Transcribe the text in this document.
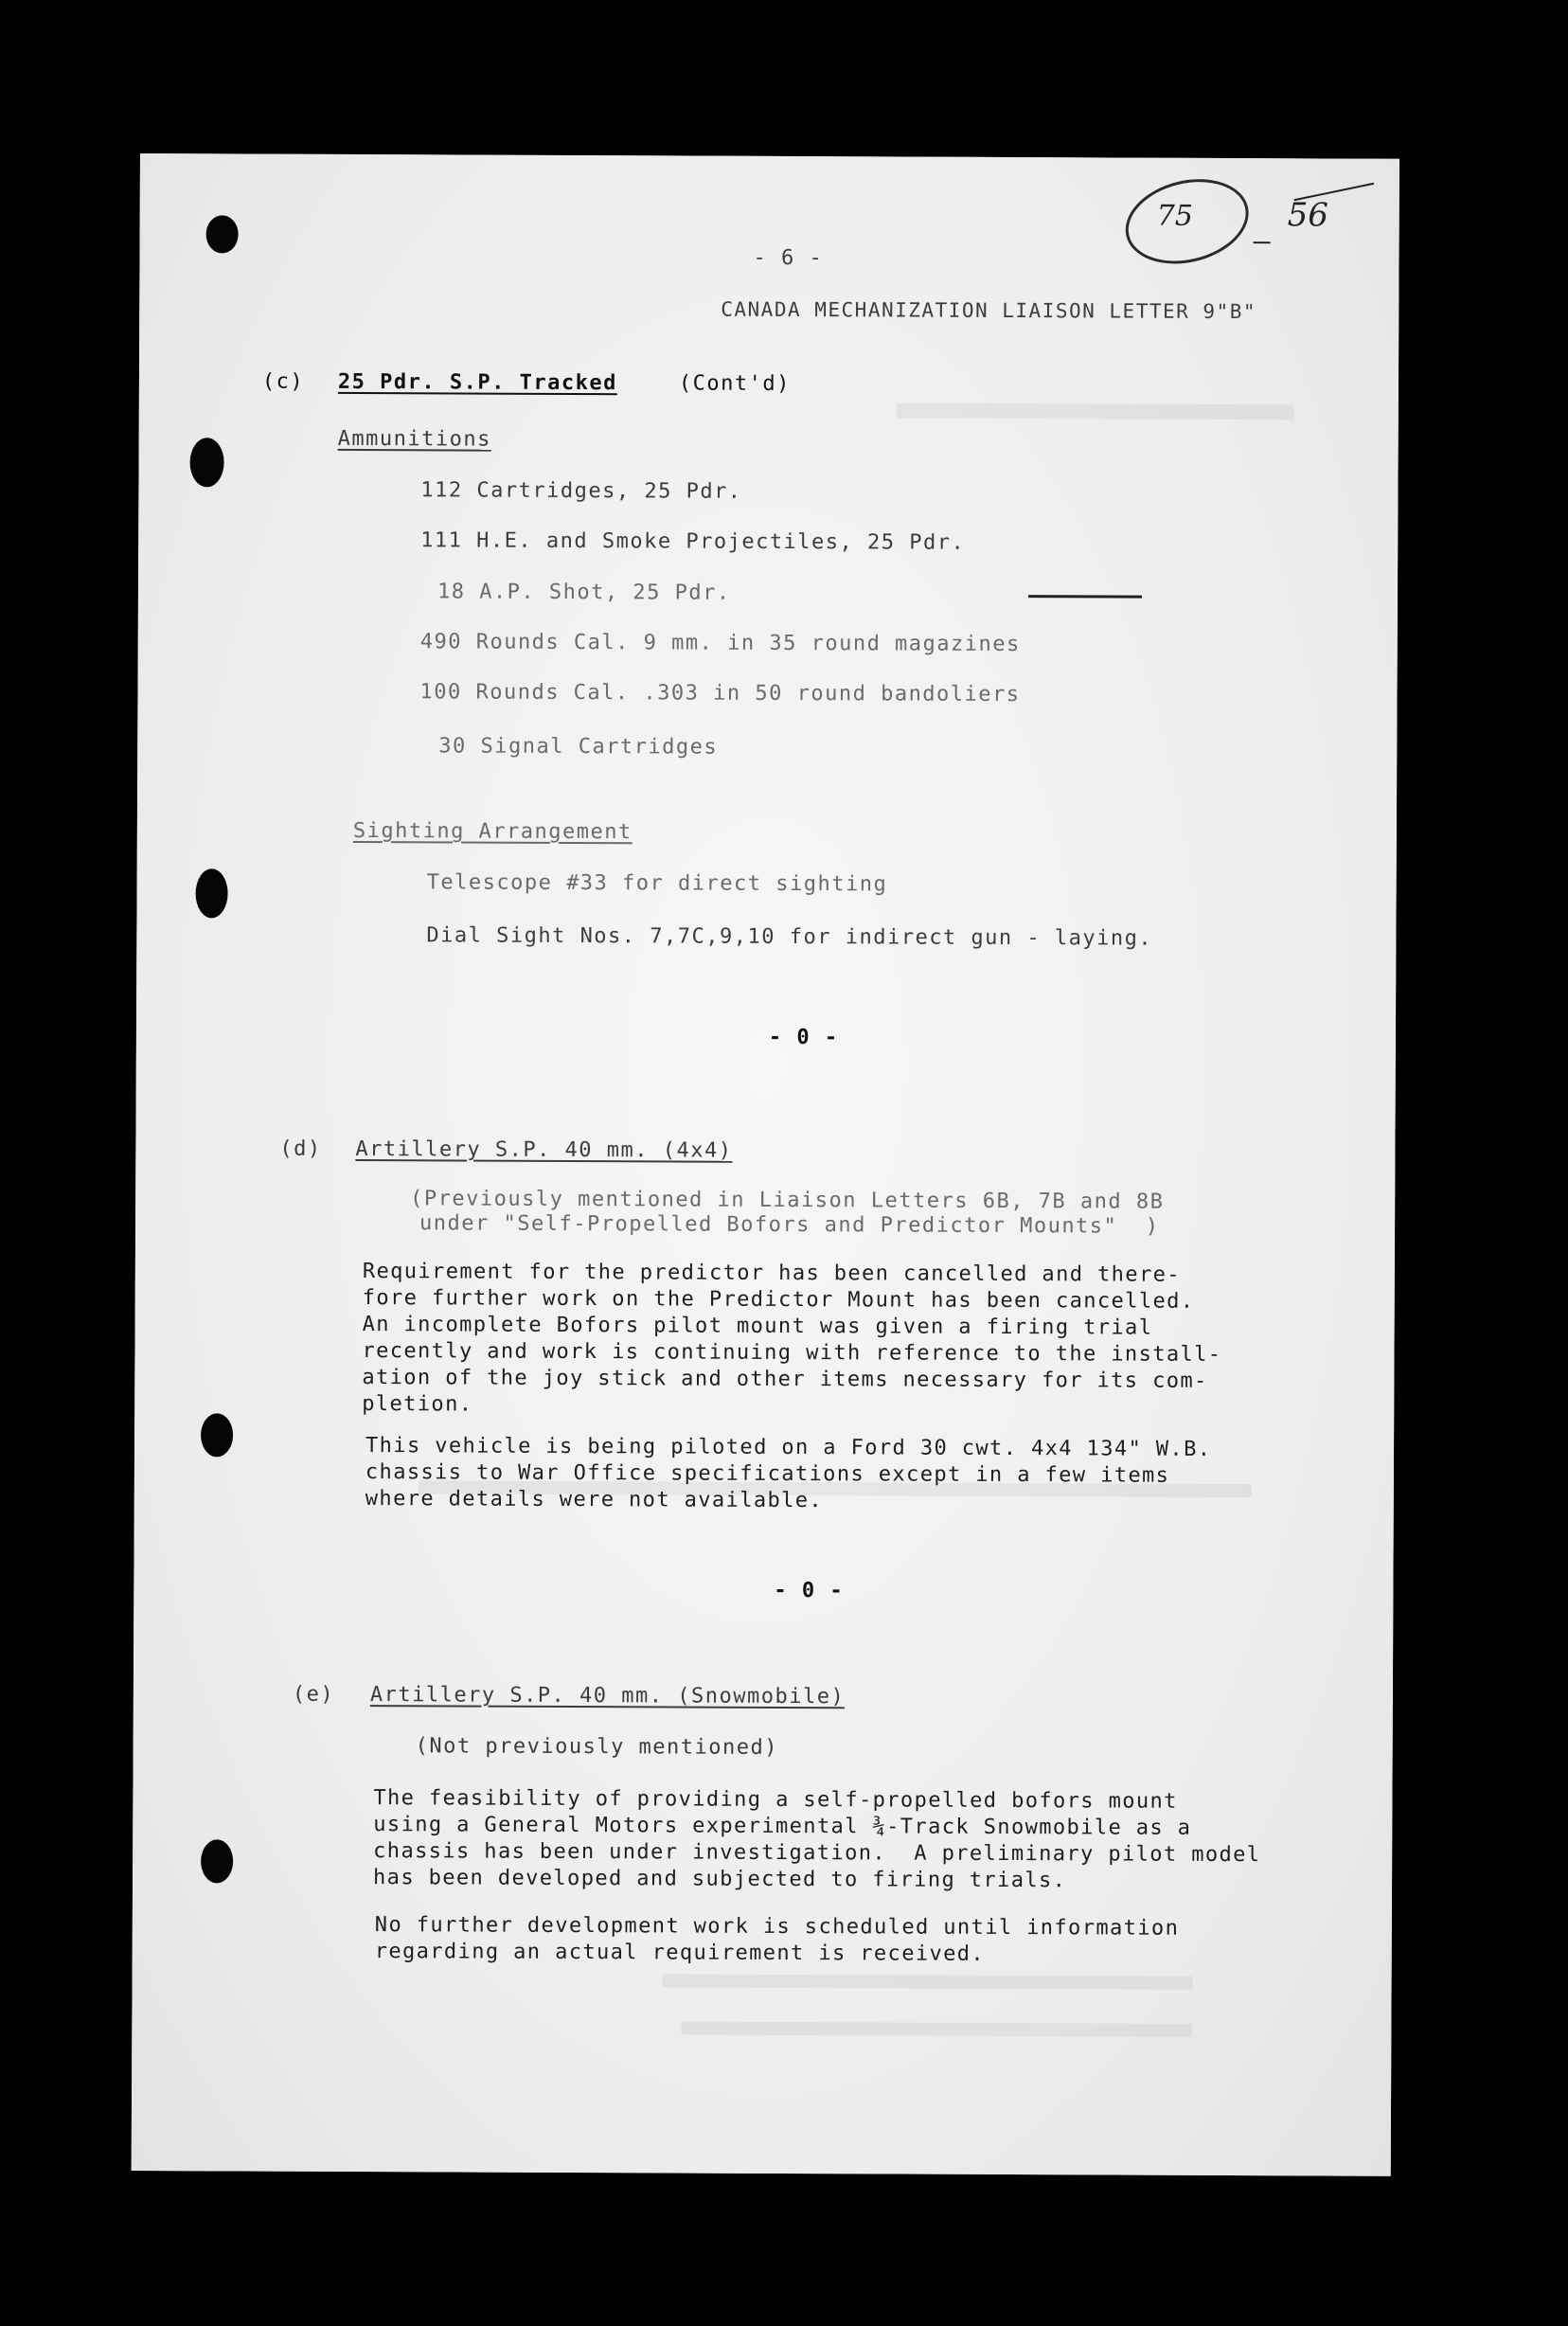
75	56
- 6 -
CANADA MECHANIZATION LIAISON LETTER 9"B"
(c) 25 Pdr. S.P. Tracked	(Cont'd)
Ammunitions
112 Cartridges, 25 Pdr.
111 H.E. and Smoke Projectiles, 25 Pdr.
18 A.P. Shot, 25 Pdr.
490 Rounds Cal. 9 mm. in 35 round magazines
100 Rounds Cal. .303 in 50 round bandoliers
30 Signal Cartridges
Sighting Arrangement
Telescope #33 for direct sighting
Dial Sight Nos. 7,7C,9,10 for indirect gun - laying.
- 0 -
(d) Artillery S.P. 40 mm. (4x4)
(Previously mentioned in Liaison Letters 6B, 7B and 8B
under "Self-Propelled Bofors and Predictor Mounts"  )
Requirement for the predictor has been cancelled and there-
fore further work on the Predictor Mount has been cancelled.
An incomplete Bofors pilot mount was given a firing trial
recently and work is continuing with reference to the install-
ation of the joy stick and other items necessary for its com-
pletion.
This vehicle is being piloted on a Ford 30 cwt. 4x4 134" W.B.
chassis to War Office specifications except in a few items
where details were not available.
- 0 -
(e) Artillery S.P. 40 mm. (Snowmobile)
(Not previously mentioned)
The feasibility of providing a self-propelled bofors mount
using a General Motors experimental ¾-Track Snowmobile as a
chassis has been under investigation.  A preliminary pilot model
has been developed and subjected to firing trials.
No further development work is scheduled until information
regarding an actual requirement is received.
